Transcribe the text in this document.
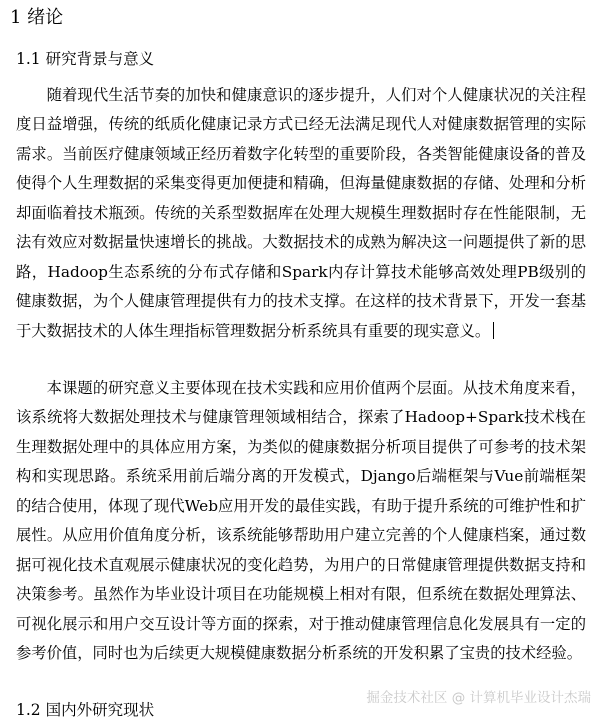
1 绪论
1.1 研究背景与意义

随着现代生活节奏的加快和健康意识的逐步提升，人们对个人健康状况的关注程度日益增强，传统的纸质化健康记录方式已经无法满足现代人对健康数据管理的实际需求。当前医疗健康领域正经历着数字化转型的重要阶段，各类智能健康设备的普及使得个人生理数据的采集变得更加便捷和精确，但海量健康数据的存储、处理和分析却面临着技术瓶颈。传统的关系型数据库在处理大规模生理数据时存在性能限制，无法有效应对数据量快速增长的挑战。大数据技术的成熟为解决这一问题提供了新的思路，Hadoop生态系统的分布式存储和Spark内存计算技术能够高效处理PB级别的健康数据，为个人健康管理提供有力的技术支撑。在这样的技术背景下，开发一套基于大数据技术的人体生理指标管理数据分析系统具有重要的现实意义。

本课题的研究意义主要体现在技术实践和应用价值两个层面。从技术角度来看，该系统将大数据处理技术与健康管理领域相结合，探索了Hadoop+Spark技术栈在生理数据处理中的具体应用方案，为类似的健康数据分析项目提供了可参考的技术架构和实现思路。系统采用前后端分离的开发模式，Django后端框架与Vue前端框架的结合使用，体现了现代Web应用开发的最佳实践，有助于提升系统的可维护性和扩展性。从应用价值角度分析，该系统能够帮助用户建立完善的个人健康档案，通过数据可视化技术直观展示健康状况的变化趋势，为用户的日常健康管理提供数据支持和决策参考。虽然作为毕业设计项目在功能规模上相对有限，但系统在数据处理算法、可视化展示和用户交互设计等方面的探索，对于推动健康管理信息化发展具有一定的参考价值，同时也为后续更大规模健康数据分析系统的开发积累了宝贵的技术经验。

掘金技术社区 @ 计算机毕业设计杰瑞
1.2 国内外研究现状
